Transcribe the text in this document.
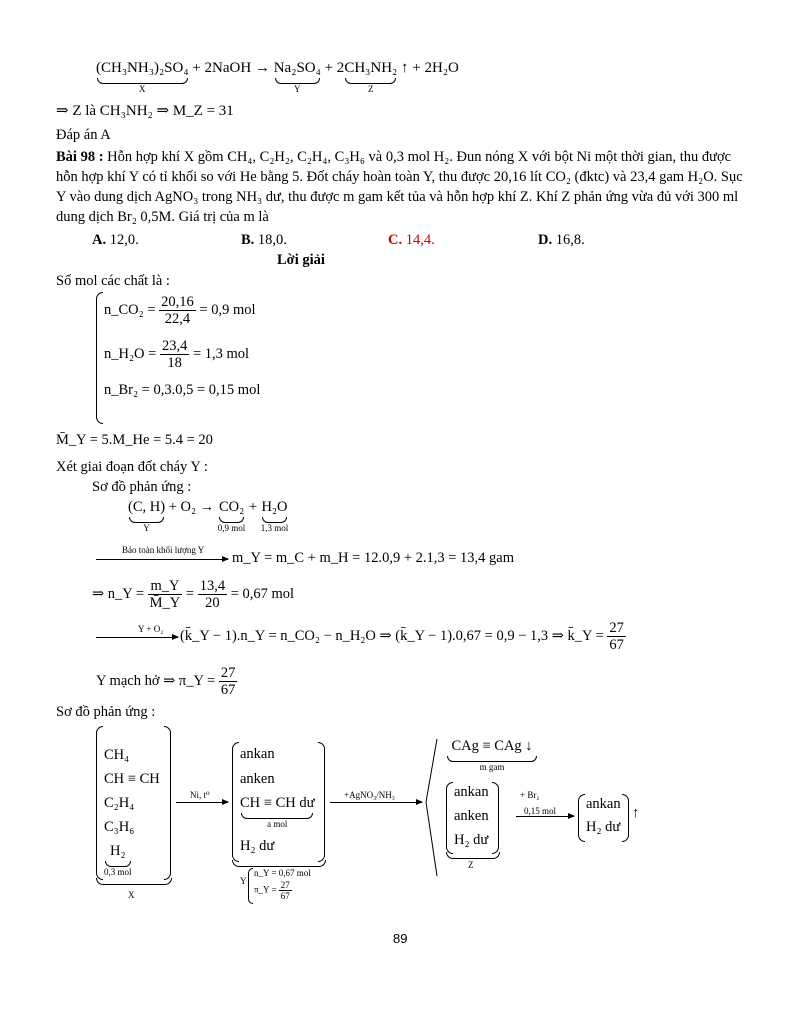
(CH₃NH₃)₂SO₄
X
+ 2NaOH → Na₂SO₄
Y
+ 2 CH₃NH₂
Z
↑ + 2H₂O
⇒ Z là CH₃NH₂ ⇒ M_Z = 31
Đáp án A
Bài 98 : Hỗn hợp khí X gồm CH₄, C₂H₂, C₂H₄, C₃H₆ và 0,3 mol H₂. Đun nóng X với bột Ni một thời gian, thu được hỗn hợp khí Y có tỉ khối so với He bằng 5. Đốt cháy hoàn toàn Y, thu được 20,16 lít CO₂ (đktc) và 23,4 gam H₂O. Sục Y vào dung dịch AgNO₃ trong NH₃ dư, thu được m gam kết tủa và hỗn hợp khí Z. Khí Z phản ứng vừa đủ với 300 ml dung dịch Br₂ 0,5M. Giá trị của m là
A. 12,0.	B. 18,0.	C. 14,4.	D. 16,8.
Lời giải
Số mol các chất là :
n_CO₂ = $\frac{20,16}{22,4} = 0,9$ mol
n_H₂O = $\frac{23,4}{18} = 1,3$ mol
n_Br₂ = 0,3.0,5 = 0,15 mol
M̄_Y = 5.M_He = 5.4 = 20
Xét giai đoạn đốt cháy Y :
Sơ đồ phản ứng :
(C, H)
Y
+ O₂ → CO₂
0,9 mol
+ H₂O
1,3 mol
Bảo toàn khối lượng Y m_Y = m_C + m_H = 12.0,9 + 2.1,3 = 13,4 gam
⇒ n_Y = $\frac{m\_Y}{M̄\_Y} = \frac{13,4}{20} = 0,67$ mol
Y + O₂ (k̄_Y − 1).n_Y = n_CO₂ − n_H₂O ⇒ (k̄_Y − 1).0,67 = 0,9 − 1,3 ⇒ k̄_Y = $\frac{27}{67}$
Y mạch hở ⇒ π_Y = $\frac{27}{67}$
Sơ đồ phản ứng :
CH₄
CH ≡ CH
C₂H₄
C₃H₆
H₂
0,3 mol
X
Ni, t⁰
ankan
anken
CH ≡ CH dư
a mol
H₂ dư
Y
n_Y = 0,67 mol
π_Y = $\frac{27}{67}$
+AgNO₃/NH₃
CAg ≡ CAg ↓
m gam
ankan
anken
H₂ dư
Z
+ Br₂
0,15 mol ankan
H₂ dư
↑
89
